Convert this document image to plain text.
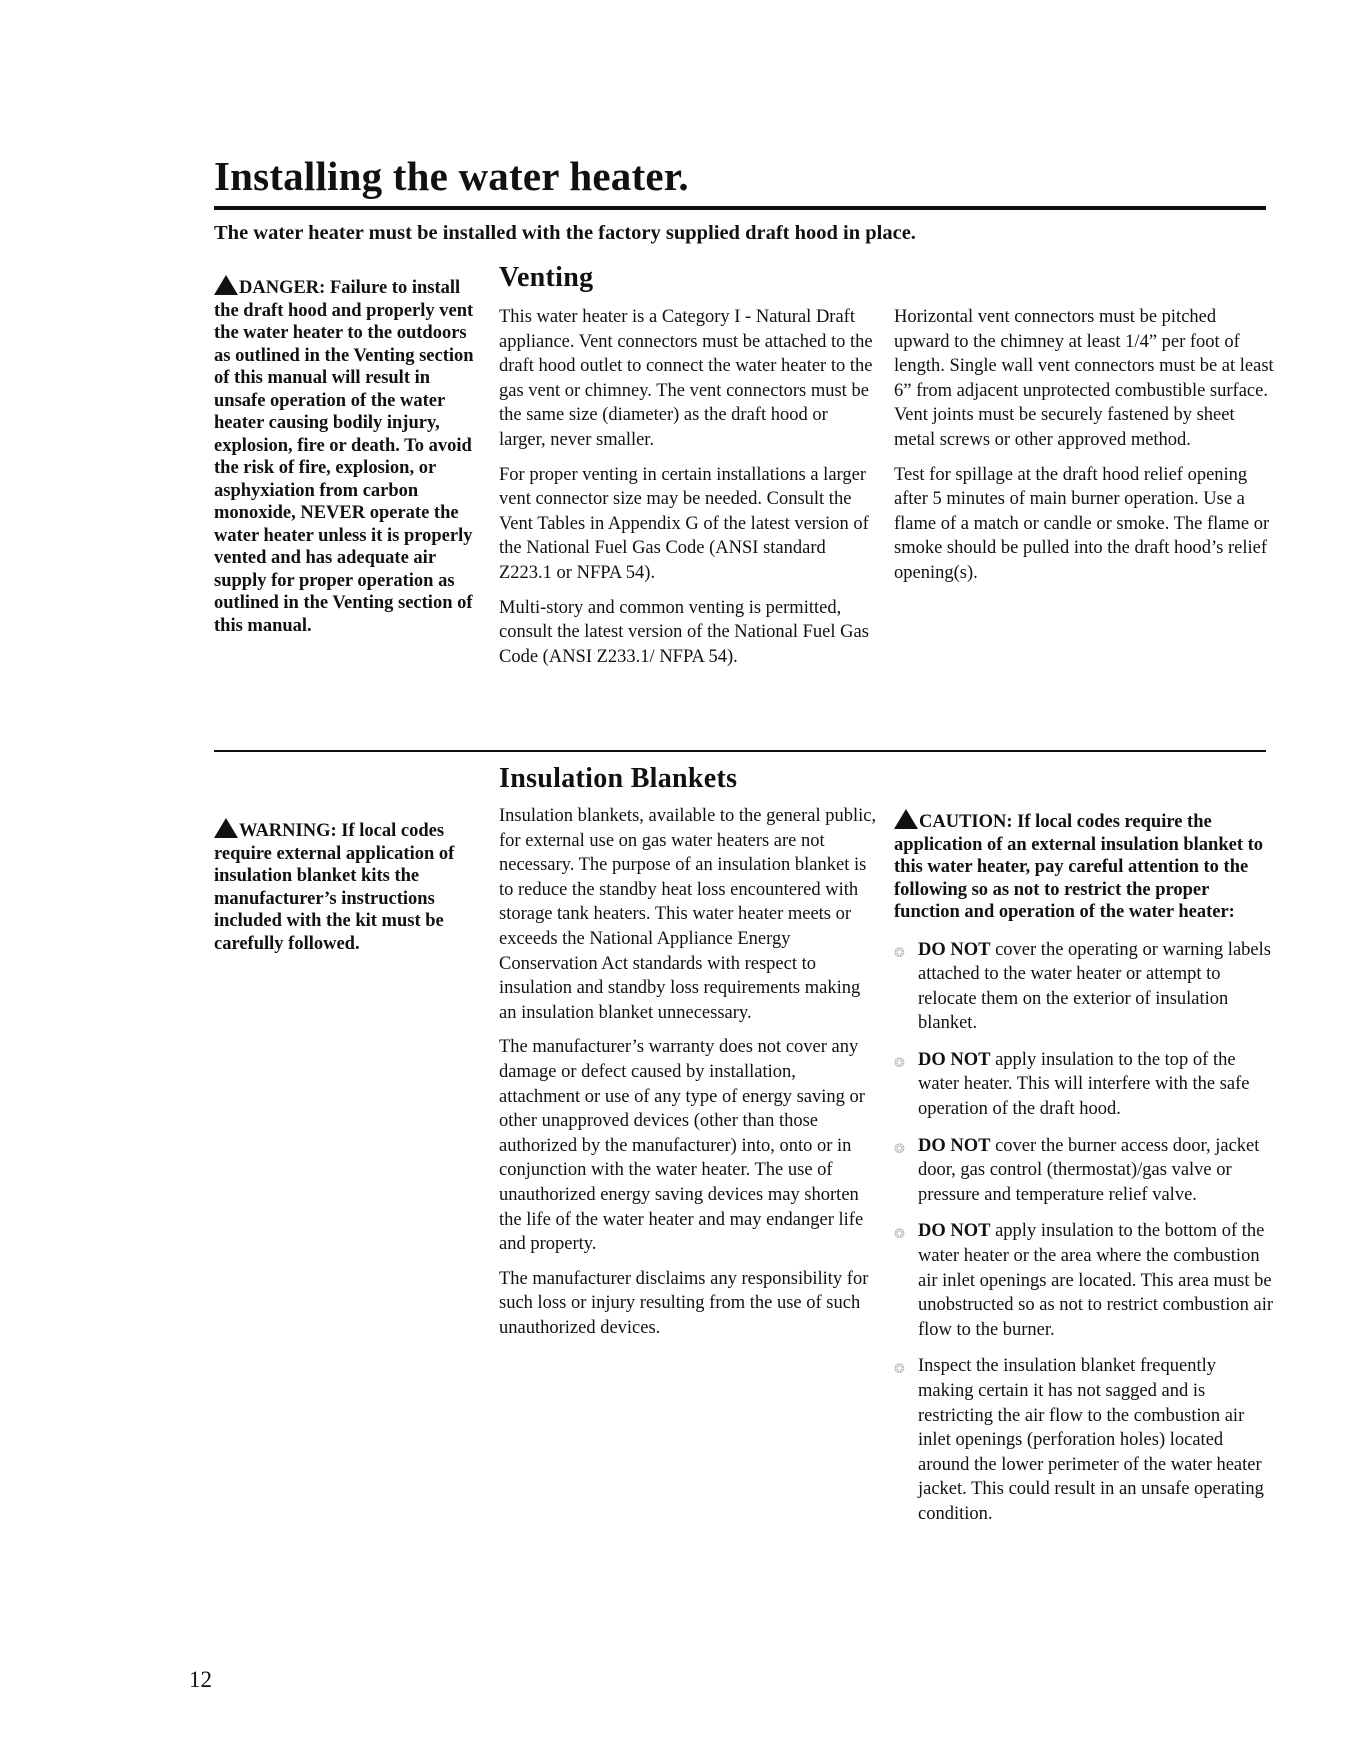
Installing the water heater.
The water heater must be installed with the factory supplied draft hood in place.
DANGER: Failure to install the draft hood and properly vent the water heater to the outdoors as outlined in the Venting section of this manual will result in unsafe operation of the water heater causing bodily injury, explosion, fire or death. To avoid the risk of fire, explosion, or asphyxiation from carbon monoxide, NEVER operate the water heater unless it is properly vented and has adequate air supply for proper operation as outlined in the Venting section of this manual.
Venting

This water heater is a Category I - Natural Draft appliance. Vent connectors must be attached to the draft hood outlet to connect the water heater to the gas vent or chimney. The vent connectors must be the same size (diameter) as the draft hood or larger, never smaller.

For proper venting in certain installations a larger vent connector size may be needed. Consult the Vent Tables in Appendix G of the latest version of the National Fuel Gas Code (ANSI standard Z223.1 or NFPA 54).

Multi-story and common venting is permitted, consult the latest version of the National Fuel Gas Code (ANSI Z233.1/ NFPA 54).

Horizontal vent connectors must be pitched upward to the chimney at least 1/4” per foot of length. Single wall vent connectors must be at least 6” from adjacent unprotected combustible surface. Vent joints must be securely fastened by sheet metal screws or other approved method.

Test for spillage at the draft hood relief opening after 5 minutes of main burner operation. Use a flame of a match or candle or smoke. The flame or smoke should be pulled into the draft hood’s relief opening(s).

Insulation Blankets
WARNING: If local codes require external application of insulation blanket kits the manufacturer’s instructions included with the kit must be carefully followed.

Insulation blankets, available to the general public, for external use on gas water heaters are not necessary. The purpose of an insulation blanket is to reduce the standby heat loss encountered with storage tank heaters. This water heater meets or exceeds the National Appliance Energy Conservation Act standards with respect to insulation and standby loss requirements making an insulation blanket unnecessary.

The manufacturer’s warranty does not cover any damage or defect caused by installation, attachment or use of any type of energy saving or other unapproved devices (other than those authorized by the manufacturer) into, onto or in conjunction with the water heater. The use of unauthorized energy saving devices may shorten the life of the water heater and may endanger life and property.

The manufacturer disclaims any responsibility for such loss or injury resulting from the use of such unauthorized devices.

CAUTION: If local codes require the application of an external insulation blanket to this water heater, pay careful attention to the following so as not to restrict the proper function and operation of the water heater:
❂ DO NOT cover the operating or warning labels attached to the water heater or attempt to relocate them on the exterior of insulation blanket.
❂ DO NOT apply insulation to the top of the water heater. This will interfere with the safe operation of the draft hood.
❂ DO NOT cover the burner access door, jacket door, gas control (thermostat)/gas valve or pressure and temperature relief valve.
❂ DO NOT apply insulation to the bottom of the water heater or the area where the combustion air inlet openings are located. This area must be unobstructed so as not to restrict combustion air flow to the burner.
❂ Inspect the insulation blanket frequently making certain it has not sagged and is restricting the air flow to the combustion air inlet openings (perforation holes) located around the lower perimeter of the water heater jacket. This could result in an unsafe operating condition.
12
